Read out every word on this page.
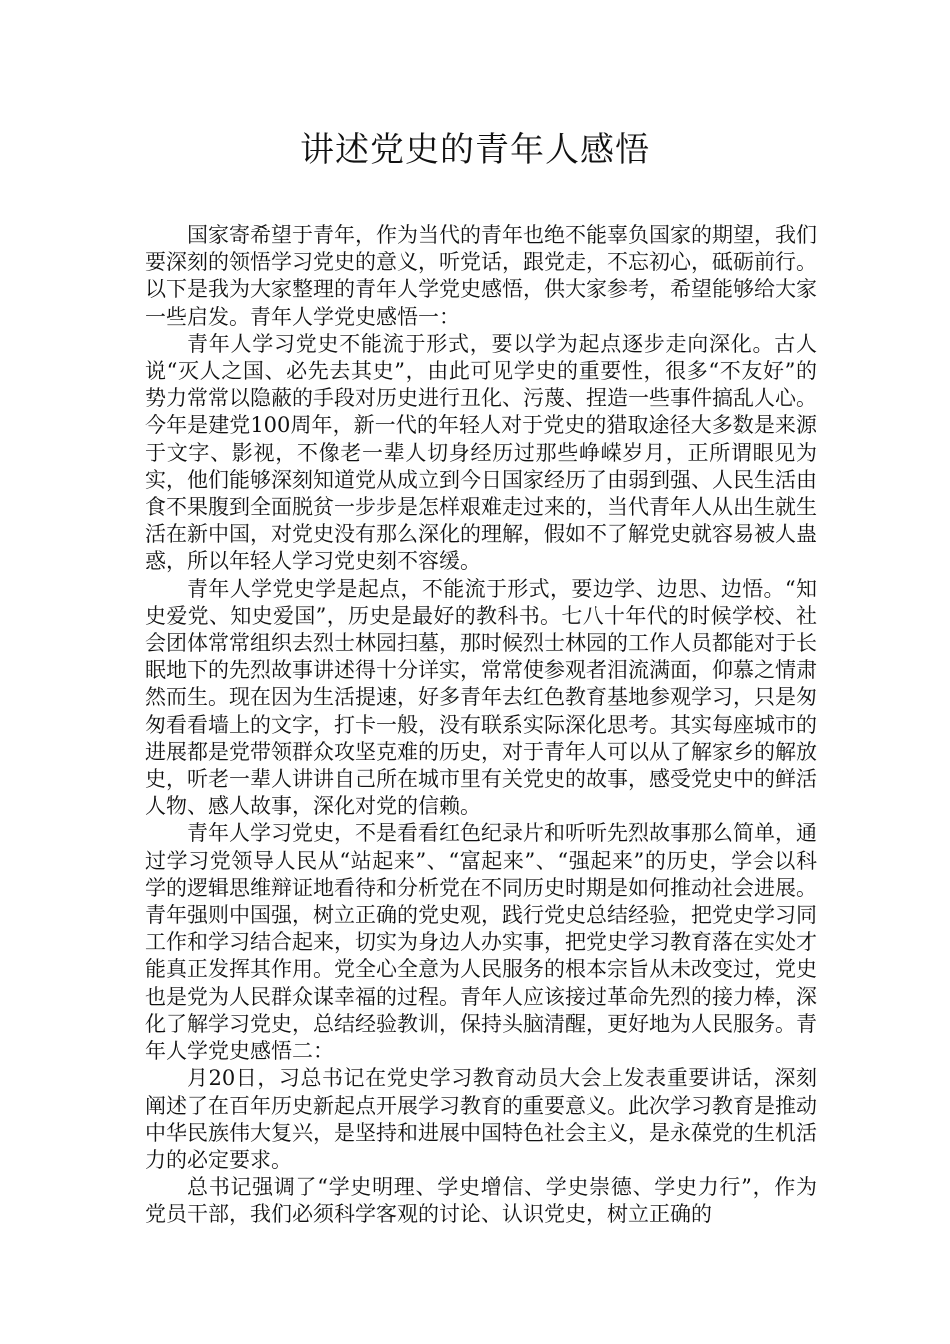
讲述党史的青年人感悟

国家寄希望于青年，作为当代的青年也绝不能辜负国家的期望，我们要深刻的领悟学习党史的意义，听党话，跟党走，不忘初心，砥砺前行。以下是我为大家整理的青年人学党史感悟，供大家参考，希望能够给大家一些启发。青年人学党史感悟一：

青年人学习党史不能流于形式，要以学为起点逐步走向深化。古人说“灭人之国、必先去其史”，由此可见学史的重要性，很多“不友好”的势力常常以隐蔽的手段对历史进行丑化、污蔑、捏造一些事件搞乱人心。今年是建党100周年，新一代的年轻人对于党史的猎取途径大多数是来源于文字、影视，不像老一辈人切身经历过那些峥嵘岁月，正所谓眼见为实，他们能够深刻知道党从成立到今日国家经历了由弱到强、人民生活由食不果腹到全面脱贫一步步是怎样艰难走过来的，当代青年人从出生就生活在新中国，对党史没有那么深化的理解，假如不了解党史就容易被人蛊惑，所以年轻人学习党史刻不容缓。

青年人学党史学是起点，不能流于形式，要边学、边思、边悟。“知史爱党、知史爱国”，历史是最好的教科书。七八十年代的时候学校、社会团体常常组织去烈士林园扫墓，那时候烈士林园的工作人员都能对于长眠地下的先烈故事讲述得十分详实，常常使参观者泪流满面，仰慕之情肃然而生。现在因为生活提速，好多青年去红色教育基地参观学习，只是匆匆看看墙上的文字，打卡一般，没有联系实际深化思考。其实每座城市的进展都是党带领群众攻坚克难的历史，对于青年人可以从了解家乡的解放史，听老一辈人讲讲自己所在城市里有关党史的故事，感受党史中的鲜活人物、感人故事，深化对党的信赖。

青年人学习党史，不是看看红色纪录片和听听先烈故事那么简单，通过学习党领导人民从“站起来”、“富起来”、“强起来”的历史，学会以科学的逻辑思维辩证地看待和分析党在不同历史时期是如何推动社会进展。青年强则中国强，树立正确的党史观，践行党史总结经验，把党史学习同工作和学习结合起来，切实为身边人办实事，把党史学习教育落在实处才能真正发挥其作用。党全心全意为人民服务的根本宗旨从未改变过，党史也是党为人民群众谋幸福的过程。青年人应该接过革命先烈的接力棒，深化了解学习党史，总结经验教训，保持头脑清醒，更好地为人民服务。青年人学党史感悟二：

月20日，习总书记在党史学习教育动员大会上发表重要讲话，深刻阐述了在百年历史新起点开展学习教育的重要意义。此次学习教育是推动中华民族伟大复兴，是坚持和进展中国特色社会主义，是永葆党的生机活力的必定要求。

总书记强调了“学史明理、学史增信、学史崇德、学史力行”，作为党员干部，我们必须科学客观的讨论、认识党史，树立正确的
